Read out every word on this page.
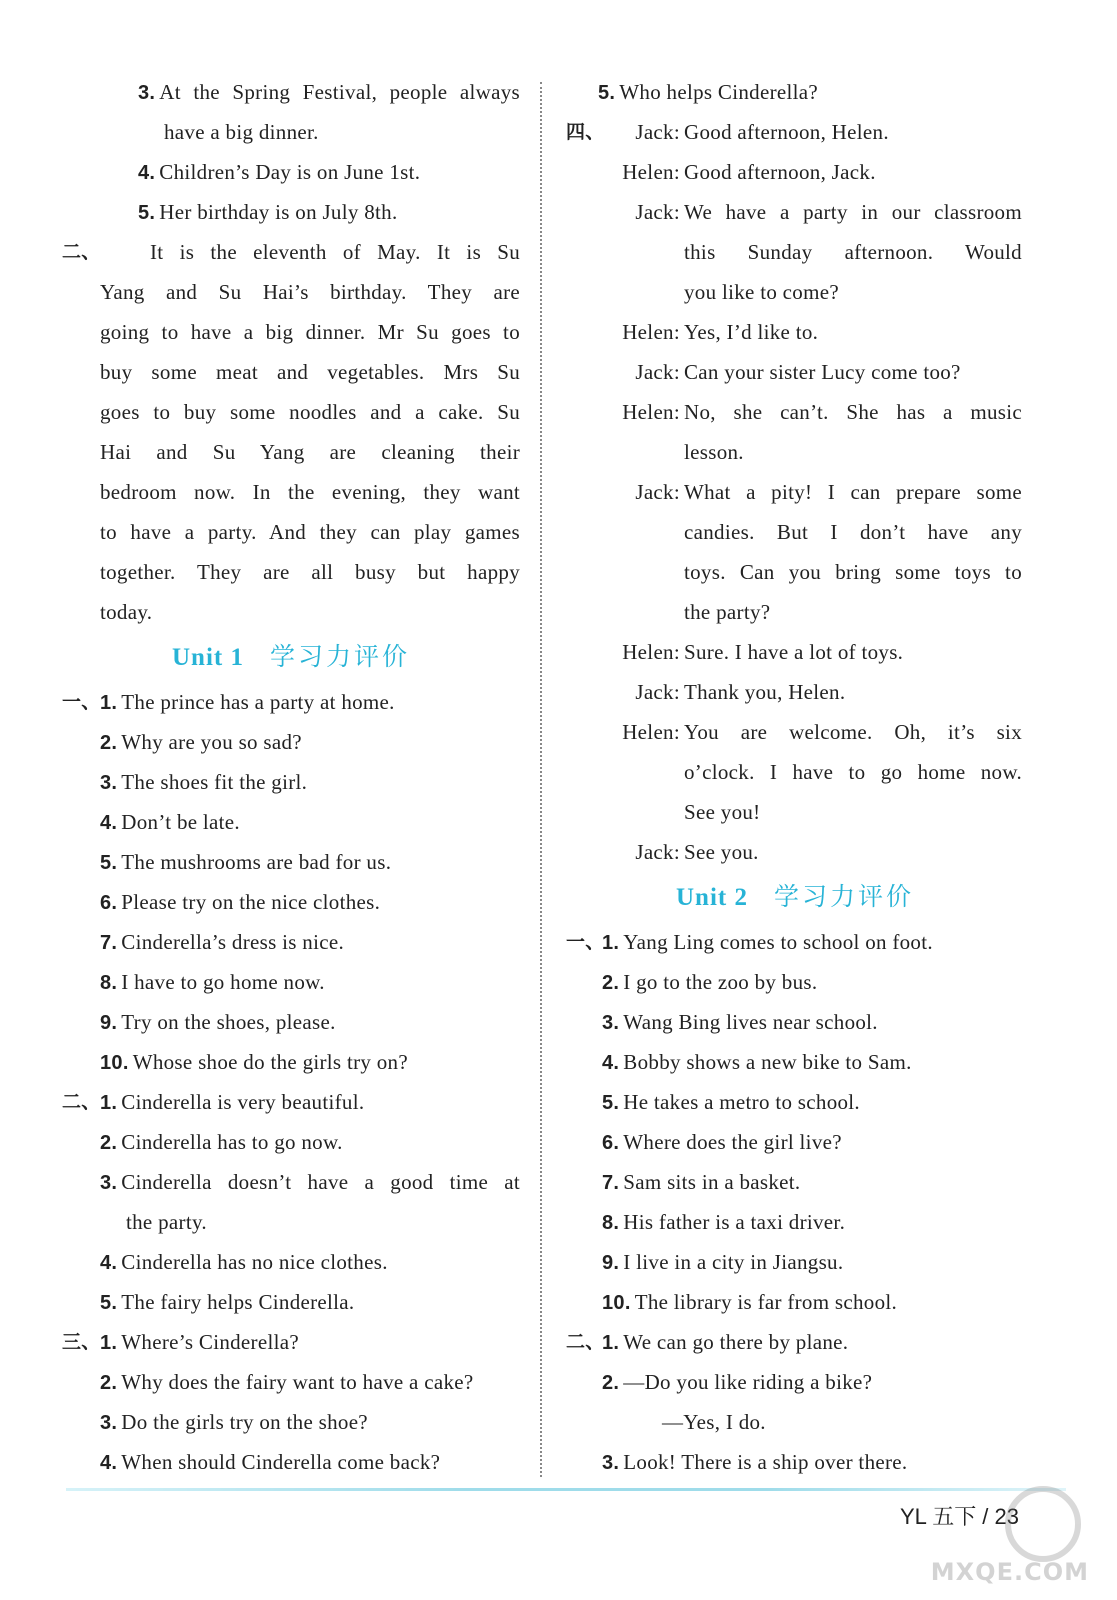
3. At the Spring Festival, people always
have a big dinner.
4. Children’s Day is on June 1st.
5. Her birthday is on July 8th.
二、 It is the eleventh of May. It is Su
Yang and Su Hai’s birthday. They are
going to have a big dinner. Mr Su goes to
buy some meat and vegetables. Mrs Su
goes to buy some noodles and a cake. Su
Hai and Su Yang are cleaning their
bedroom now. In the evening, they want
to have a party. And they can play games
together. They are all busy but happy
today.
Unit 1 学习力评价
一、 1. The prince has a party at home.
2. Why are you so sad?
3. The shoes fit the girl.
4. Don’t be late.
5. The mushrooms are bad for us.
6. Please try on the nice clothes.
7. Cinderella’s dress is nice.
8. I have to go home now.
9. Try on the shoes, please.
10. Whose shoe do the girls try on?
二、 1. Cinderella is very beautiful.
2. Cinderella has to go now.
3. Cinderella doesn’t have a good time at
the party.
4. Cinderella has no nice clothes.
5. The fairy helps Cinderella.
三、 1. Where’s Cinderella?
2. Why does the fairy want to have a cake?
3. Do the girls try on the shoe?
4. When should Cinderella come back?
5. Who helps Cinderella?
四、 Jack: Good afternoon, Helen.
Helen: Good afternoon, Jack.
Jack: We have a party in our classroom
this Sunday afternoon. Would
you like to come?
Helen: Yes, I’d like to.
Jack: Can your sister Lucy come too?
Helen: No, she can’t. She has a music
lesson.
Jack: What a pity! I can prepare some
candies. But I don’t have any
toys. Can you bring some toys to
the party?
Helen: Sure. I have a lot of toys.
Jack: Thank you, Helen.
Helen: You are welcome. Oh, it’s six
o’clock. I have to go home now.
See you!
Jack: See you.
Unit 2 学习力评价
一、
1. Yang Ling comes to school on foot.
2. I go to the zoo by bus.
3. Wang Bing lives near school.
4. Bobby shows a new bike to Sam.
5. He takes a metro to school.
6. Where does the girl live?
7. Sam sits in a basket.
8. His father is a taxi driver.
9. I live in a city in Jiangsu.
10. The library is far from school.
二、
1. We can go there by plane.
2. —Do you like riding a bike?
—Yes, I do.
3. Look! There is a ship over there.
YL 五下 / 23
MXQE.COM
